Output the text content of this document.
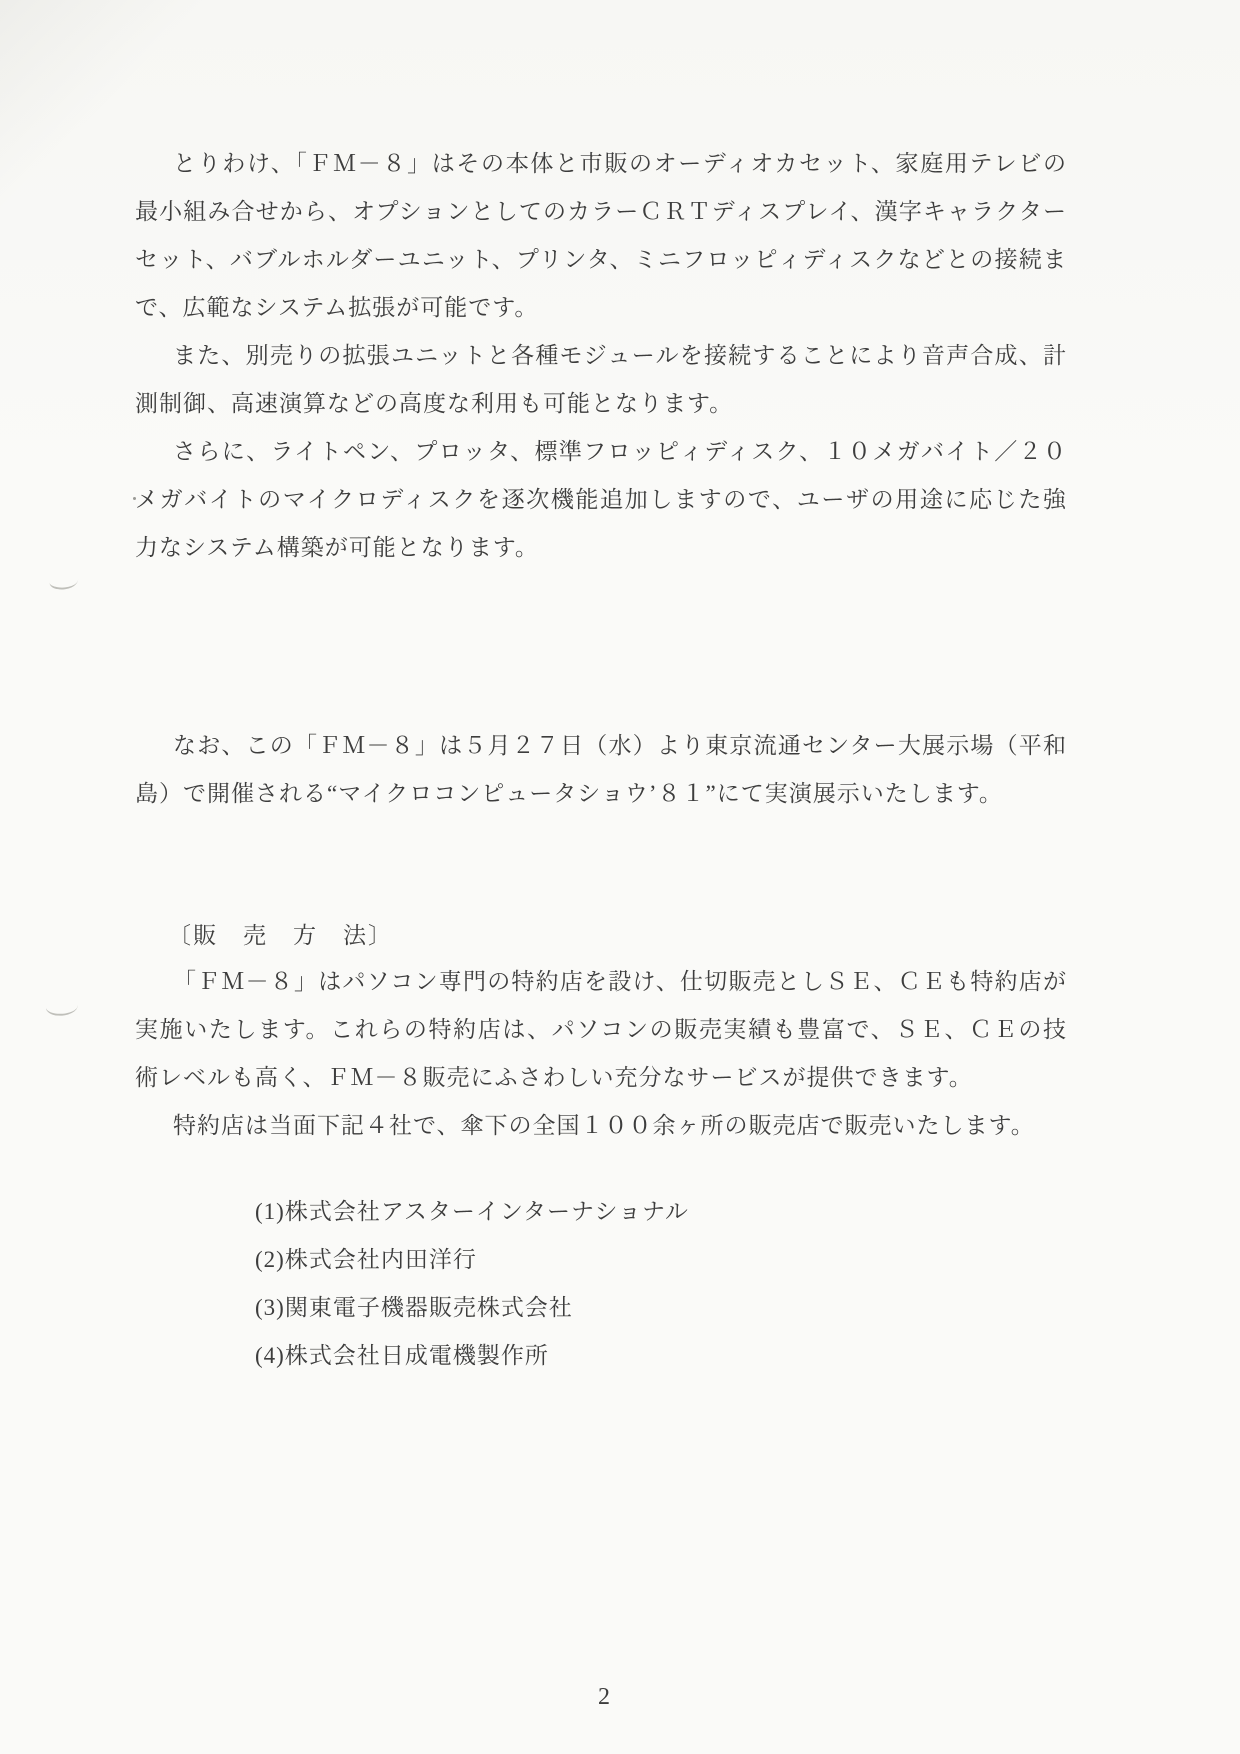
とりわけ、「ＦＭ－８」はその本体と市販のオーディオカセット、家庭用テレビの最小組み合せから、オプションとしてのカラーＣＲＴディスプレイ、漢字キャラクターセット、バブルホルダーユニット、プリンタ、ミニフロッピィディスクなどとの接続まで、広範なシステム拡張が可能です。

また、別売りの拡張ユニットと各種モジュールを接続することにより音声合成、計測制御、高速演算などの高度な利用も可能となります。

さらに、ライトペン、プロッタ、標準フロッピィディスク、１０メガバイト／２０メガバイトのマイクロディスクを逐次機能追加しますので、ユーザの用途に応じた強力なシステム構築が可能となります。

なお、この「ＦＭ－８」は５月２７日（水）より東京流通センター大展示場（平和島）で開催される“マイクロコンピュータショウ’８１”にて実演展示いたします。

〔販　売　方　法〕

「ＦＭ－８」はパソコン専門の特約店を設け、仕切販売としＳＥ、ＣＥも特約店が実施いたします。これらの特約店は、パソコンの販売実績も豊富で、ＳＥ、ＣＥの技術レベルも高く、ＦＭ－８販売にふさわしい充分なサービスが提供できます。

特約店は当面下記４社で、傘下の全国１００余ヶ所の販売店で販売いたします。

(1)株式会社アスターインターナショナル
(2)株式会社内田洋行
(3)関東電子機器販売株式会社
(4)株式会社日成電機製作所
2
